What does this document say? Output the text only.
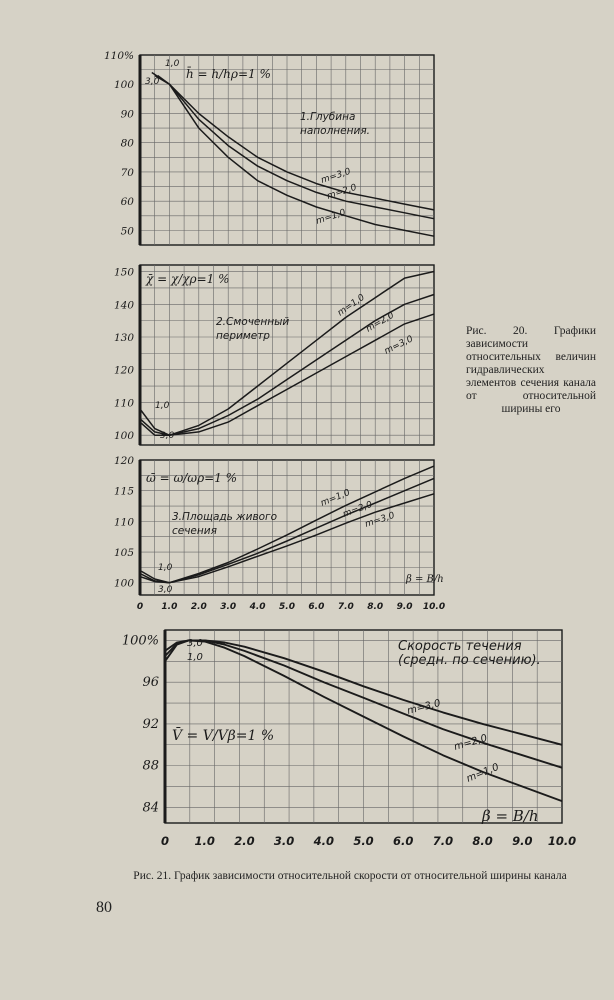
50
60
70
80
90
100
110%
1.Глубина
наполнения.
h̄ = h/hρ=1 %
3,0
1,0
m=3,0
m=2,0
m=1,0
100
110
120
130
140
150
2.Смоченный
периметр
χ̄ = χ/χρ=1 %
1,0
3,0
m=1,0
m=2,0
m=3,0
100
105
110
115
120
0 1.0 2.0 3.0 4.0 5.0 6.0 7.0 8.0 9.0 10.0
3.Площадь живого
сечения
ω̄ = ω/ωρ=1 %
β = B/h
1,0
3,0
m=1,0
m=2,0
m=3,0
84
88
92
96
100%
0 1.0 2.0 3.0 4.0 5.0 6.0 7.0 8.0 9.0 10.0
Скорость течения
(средн. по сечению).
V̄ = V/Vβ=1 %
β = B/h
3,0
1,0
m=3,0
m=2,0
m=1,0
Рис. 20. Графики зависимости относительных величин гидравлических элементов сечения канала от относительной ширины его
Рис. 21. График зависимости относительной скорости от относительной ширины канала
80
